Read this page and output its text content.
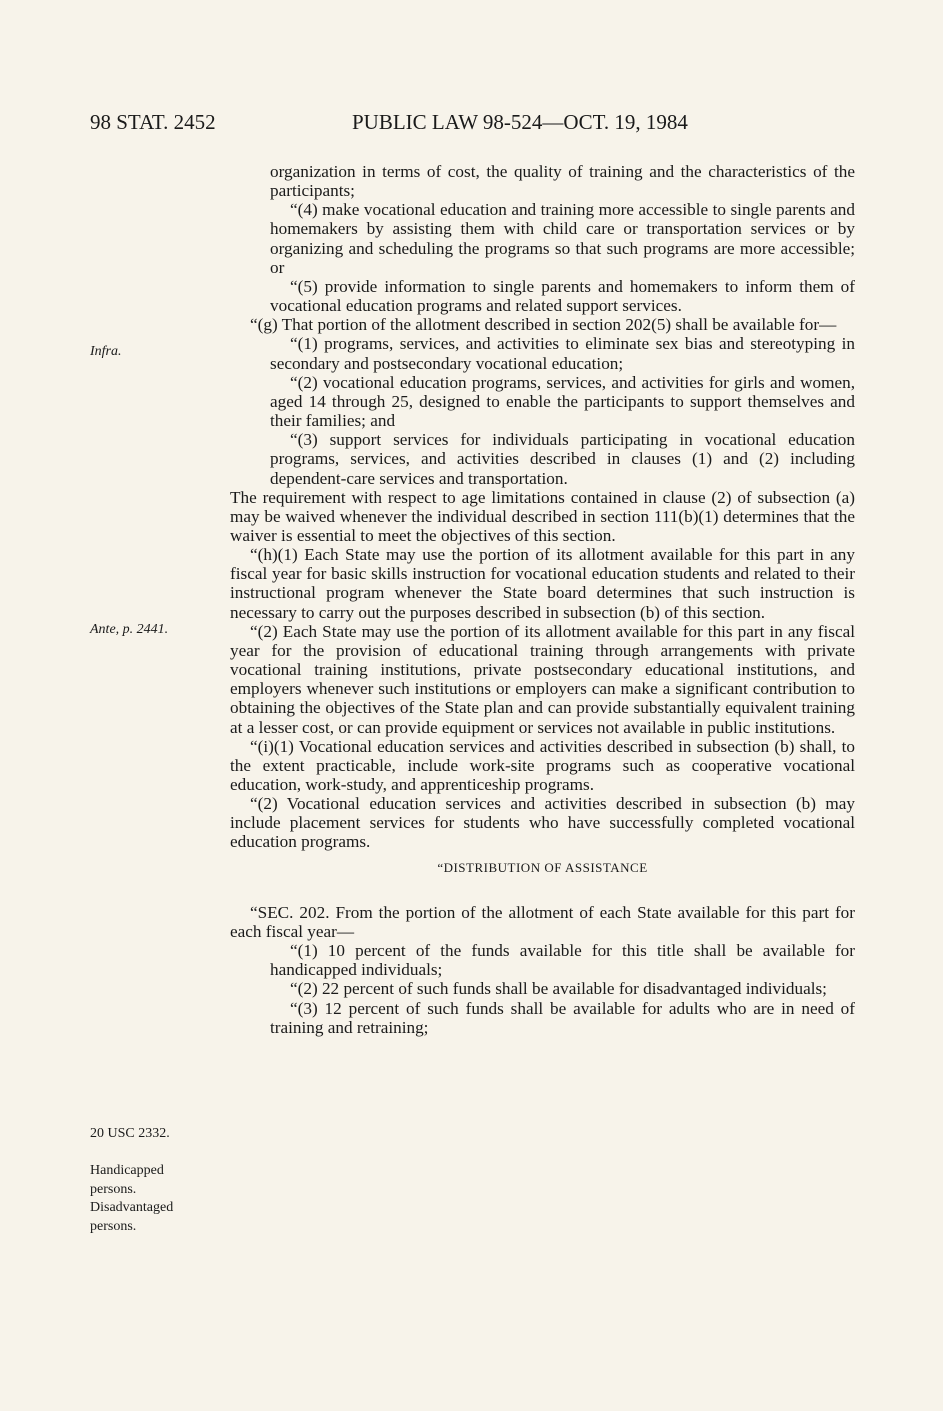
98 STAT. 2452	PUBLIC LAW 98-524—OCT. 19, 1984
Infra.
Ante, p. 2441.
20 USC 2332.
Handicapped persons.
Disadvantaged persons.

organization in terms of cost, the quality of training and the characteristics of the participants;

“(4) make vocational education and training more accessible to single parents and homemakers by assisting them with child care or transportation services or by organizing and scheduling the programs so that such programs are more accessible; or

“(5) provide information to single parents and homemakers to inform them of vocational education programs and related support services.

“(g) That portion of the allotment described in section 202(5) shall be available for—

“(1) programs, services, and activities to eliminate sex bias and stereotyping in secondary and postsecondary vocational education;

“(2) vocational education programs, services, and activities for girls and women, aged 14 through 25, designed to enable the participants to support themselves and their families; and

“(3) support services for individuals participating in vocational education programs, services, and activities described in clauses (1) and (2) including dependent-care services and transportation.

The requirement with respect to age limitations contained in clause (2) of subsection (a) may be waived whenever the individual described in section 111(b)(1) determines that the waiver is essential to meet the objectives of this section.

“(h)(1) Each State may use the portion of its allotment available for this part in any fiscal year for basic skills instruction for vocational education students and related to their instructional program whenever the State board determines that such instruction is necessary to carry out the purposes described in subsection (b) of this section.

“(2) Each State may use the portion of its allotment available for this part in any fiscal year for the provision of educational training through arrangements with private vocational training institutions, private postsecondary educational institutions, and employers whenever such institutions or employers can make a significant contribution to obtaining the objectives of the State plan and can provide substantially equivalent training at a lesser cost, or can provide equipment or services not available in public institutions.

“(i)(1) Vocational education services and activities described in subsection (b) shall, to the extent practicable, include work-site programs such as cooperative vocational education, work-study, and apprenticeship programs.

“(2) Vocational education services and activities described in subsection (b) may include placement services for students who have successfully completed vocational education programs.

“DISTRIBUTION OF ASSISTANCE

“SEC. 202. From the portion of the allotment of each State available for this part for each fiscal year—

“(1) 10 percent of the funds available for this title shall be available for handicapped individuals;

“(2) 22 percent of such funds shall be available for disadvantaged individuals;

“(3) 12 percent of such funds shall be available for adults who are in need of training and retraining;
